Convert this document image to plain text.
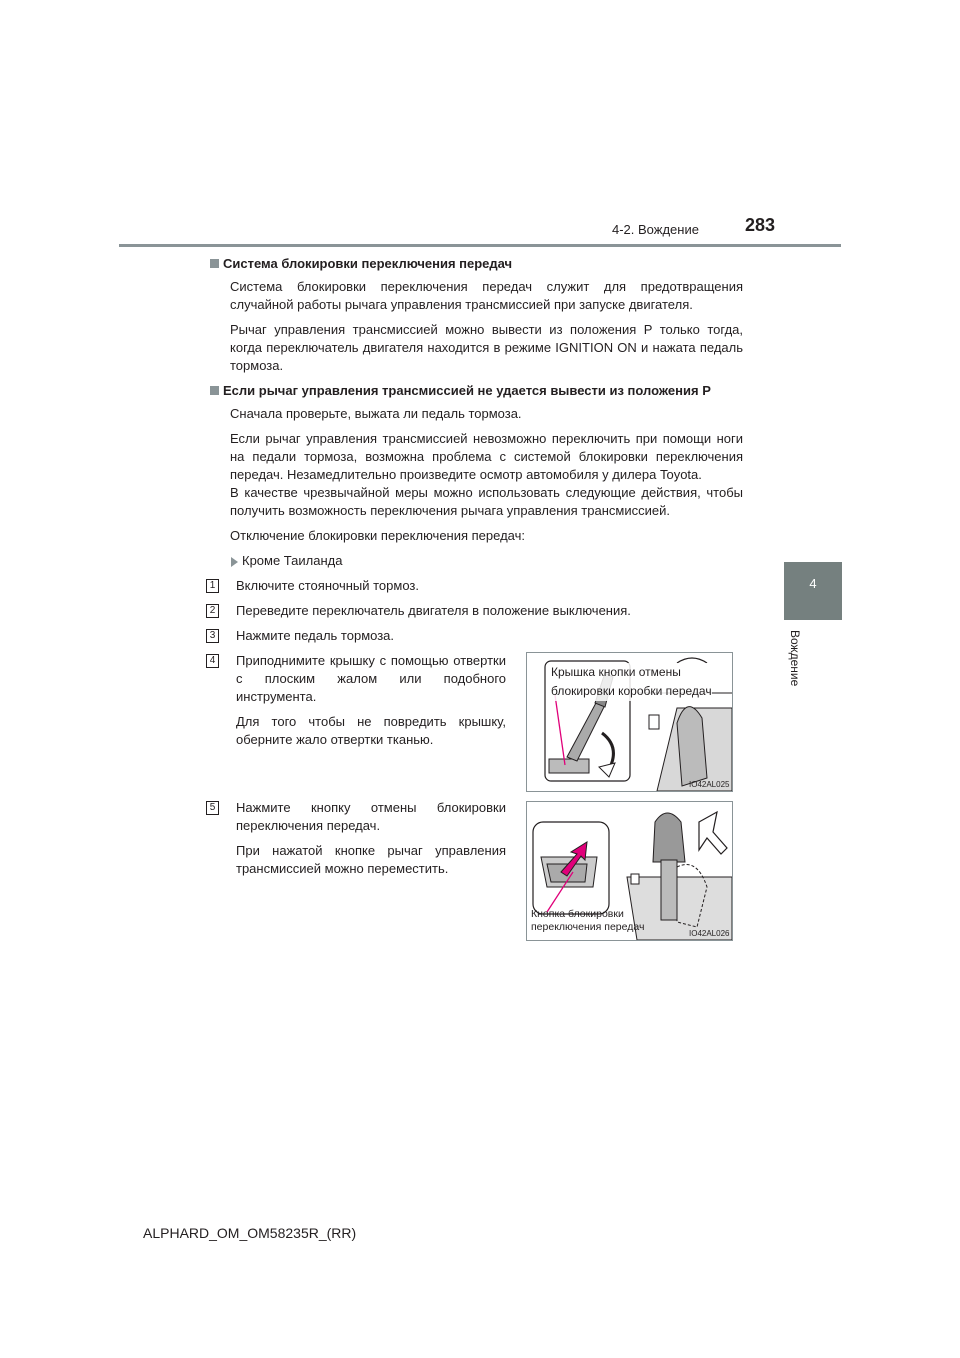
4-2. Вождение	283
4
Вождение
Система блокировки переключения передач
Система блокировки переключения передач служит для предотвращения случайной работы рычага управления трансмиссией при запуске двигателя.
Рычаг управления трансмиссией можно вывести из положения P только тогда, когда переключатель двигателя находится в режиме IGNITION ON и нажата педаль тормоза.
Если рычаг управления трансмиссией не удается вывести из положения P
Сначала проверьте, выжата ли педаль тормоза.
Если рычаг управления трансмиссией невозможно переключить при помощи ноги на педали тормоза, возможна проблема с системой блокировки переключения передач. Незамедлительно произведите осмотр автомобиля у дилера Toyota.
В качестве чрезвычайной меры можно использовать следующие действия, чтобы получить возможность переключения рычага управления трансмиссией.
Отключение блокировки переключения передач:
Кроме Таиланда
1 Включите стояночный тормоз.
2 Переведите переключатель двигателя в положение выключения.
3 Нажмите педаль тормоза.
4 Приподнимите крышку с помощью отвертки с плоским жалом или подобного инструмента.
Для того чтобы не повредить крышку, оберните жало отвертки тканью.
5 Нажмите кнопку отмены блокировки переключения передач.
При нажатой кнопке рычаг управления трансмиссией можно переместить.
Крышка кнопки отмены
блокировки коробки передач
IO42AL025
Кнопка блокировки
переключения передач
IO42AL026
ALPHARD_OM_OM58235R_(RR)
